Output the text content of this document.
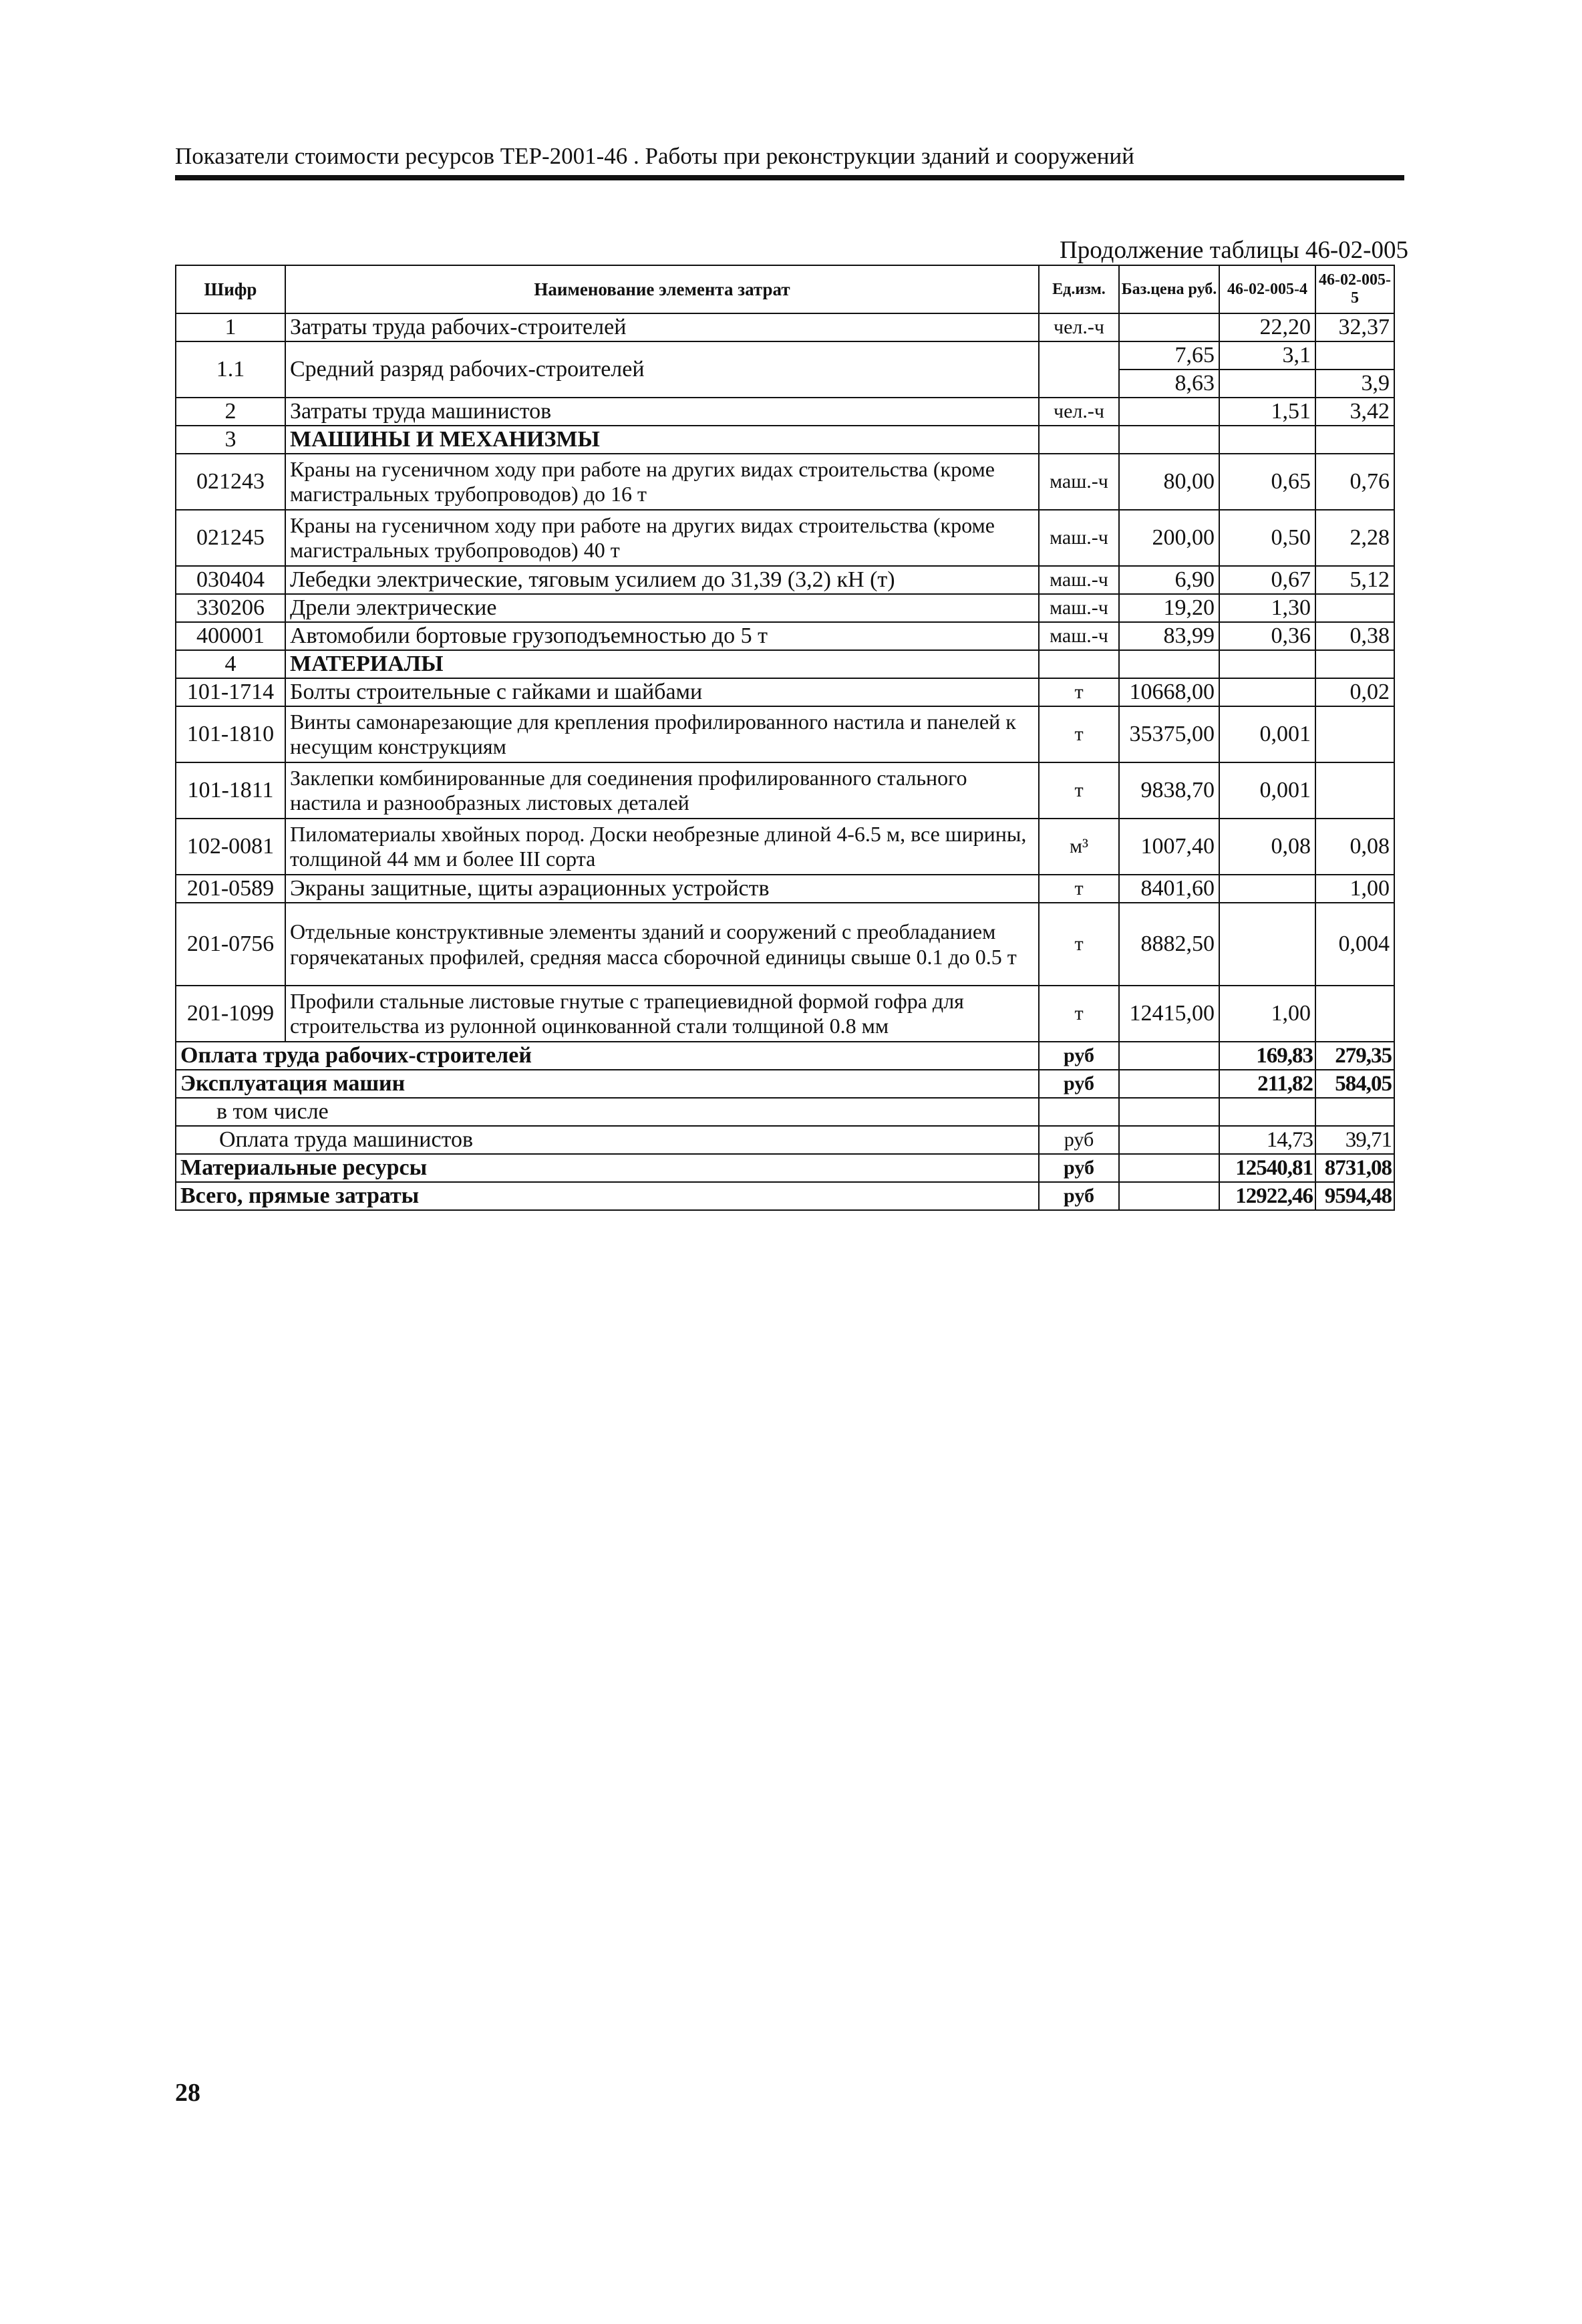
Показатели стоимости ресурсов ТЕР-2001-46 . Работы при реконструкции зданий и сооружений
Продолжение таблицы 46-02-005
Шифр	Наименование элемента затрат	Ед.изм.	Баз.цена руб.	46-02-005-4	46-02-005-5
1	Затраты труда рабочих-строителей	чел.-ч		22,20	32,37
1.1	Средний разряд рабочих-строителей		7,65	3,1	
			8,63		3,9
2	Затраты труда машинистов	чел.-ч		1,51	3,42
3	МАШИНЫ И МЕХАНИЗМЫ				
021243	Краны на гусеничном ходу при работе на других видах строительства (кроме магистральных трубопроводов) до 16 т	маш.-ч	80,00	0,65	0,76
021245	Краны на гусеничном ходу при работе на других видах строительства (кроме магистральных трубопроводов) 40 т	маш.-ч	200,00	0,50	2,28
030404	Лебедки электрические, тяговым усилием до 31,39 (3,2) кН (т)	маш.-ч	6,90	0,67	5,12
330206	Дрели электрические	маш.-ч	19,20	1,30	
400001	Автомобили бортовые грузоподъемностью до 5 т	маш.-ч	83,99	0,36	0,38
4	МАТЕРИАЛЫ				
101-1714	Болты строительные с гайками и шайбами	т	10668,00		0,02
101-1810	Винты самонарезающие для крепления профилированного настила и панелей к несущим конструкциям	т	35375,00	0,001	
101-1811	Заклепки комбинированные для соединения профилированного стального настила и разнообразных листовых деталей	т	9838,70	0,001	
102-0081	Пиломатериалы хвойных пород. Доски необрезные длиной 4-6.5 м, все ширины, толщиной 44 мм и более III сорта	м³	1007,40	0,08	0,08
201-0589	Экраны защитные, щиты аэрационных устройств	т	8401,60		1,00
201-0756	Отдельные конструктивные элементы зданий и сооружений с преобладанием горячекатаных профилей, средняя масса сборочной единицы свыше 0.1 до 0.5 т	т	8882,50		0,004
201-1099	Профили стальные листовые гнутые с трапециевидной формой гофра для строительства из рулонной оцинкованной стали толщиной 0.8 мм	т	12415,00	1,00	
Оплата труда рабочих-строителей		руб		169,83	279,35
Эксплуатация машин		руб		211,82	584,05
в том числе					
Оплата труда машинистов		руб		14,73	39,71
Материальные ресурсы		руб		12540,81	8731,08
Всего, прямые затраты		руб		12922,46	9594,48
28
